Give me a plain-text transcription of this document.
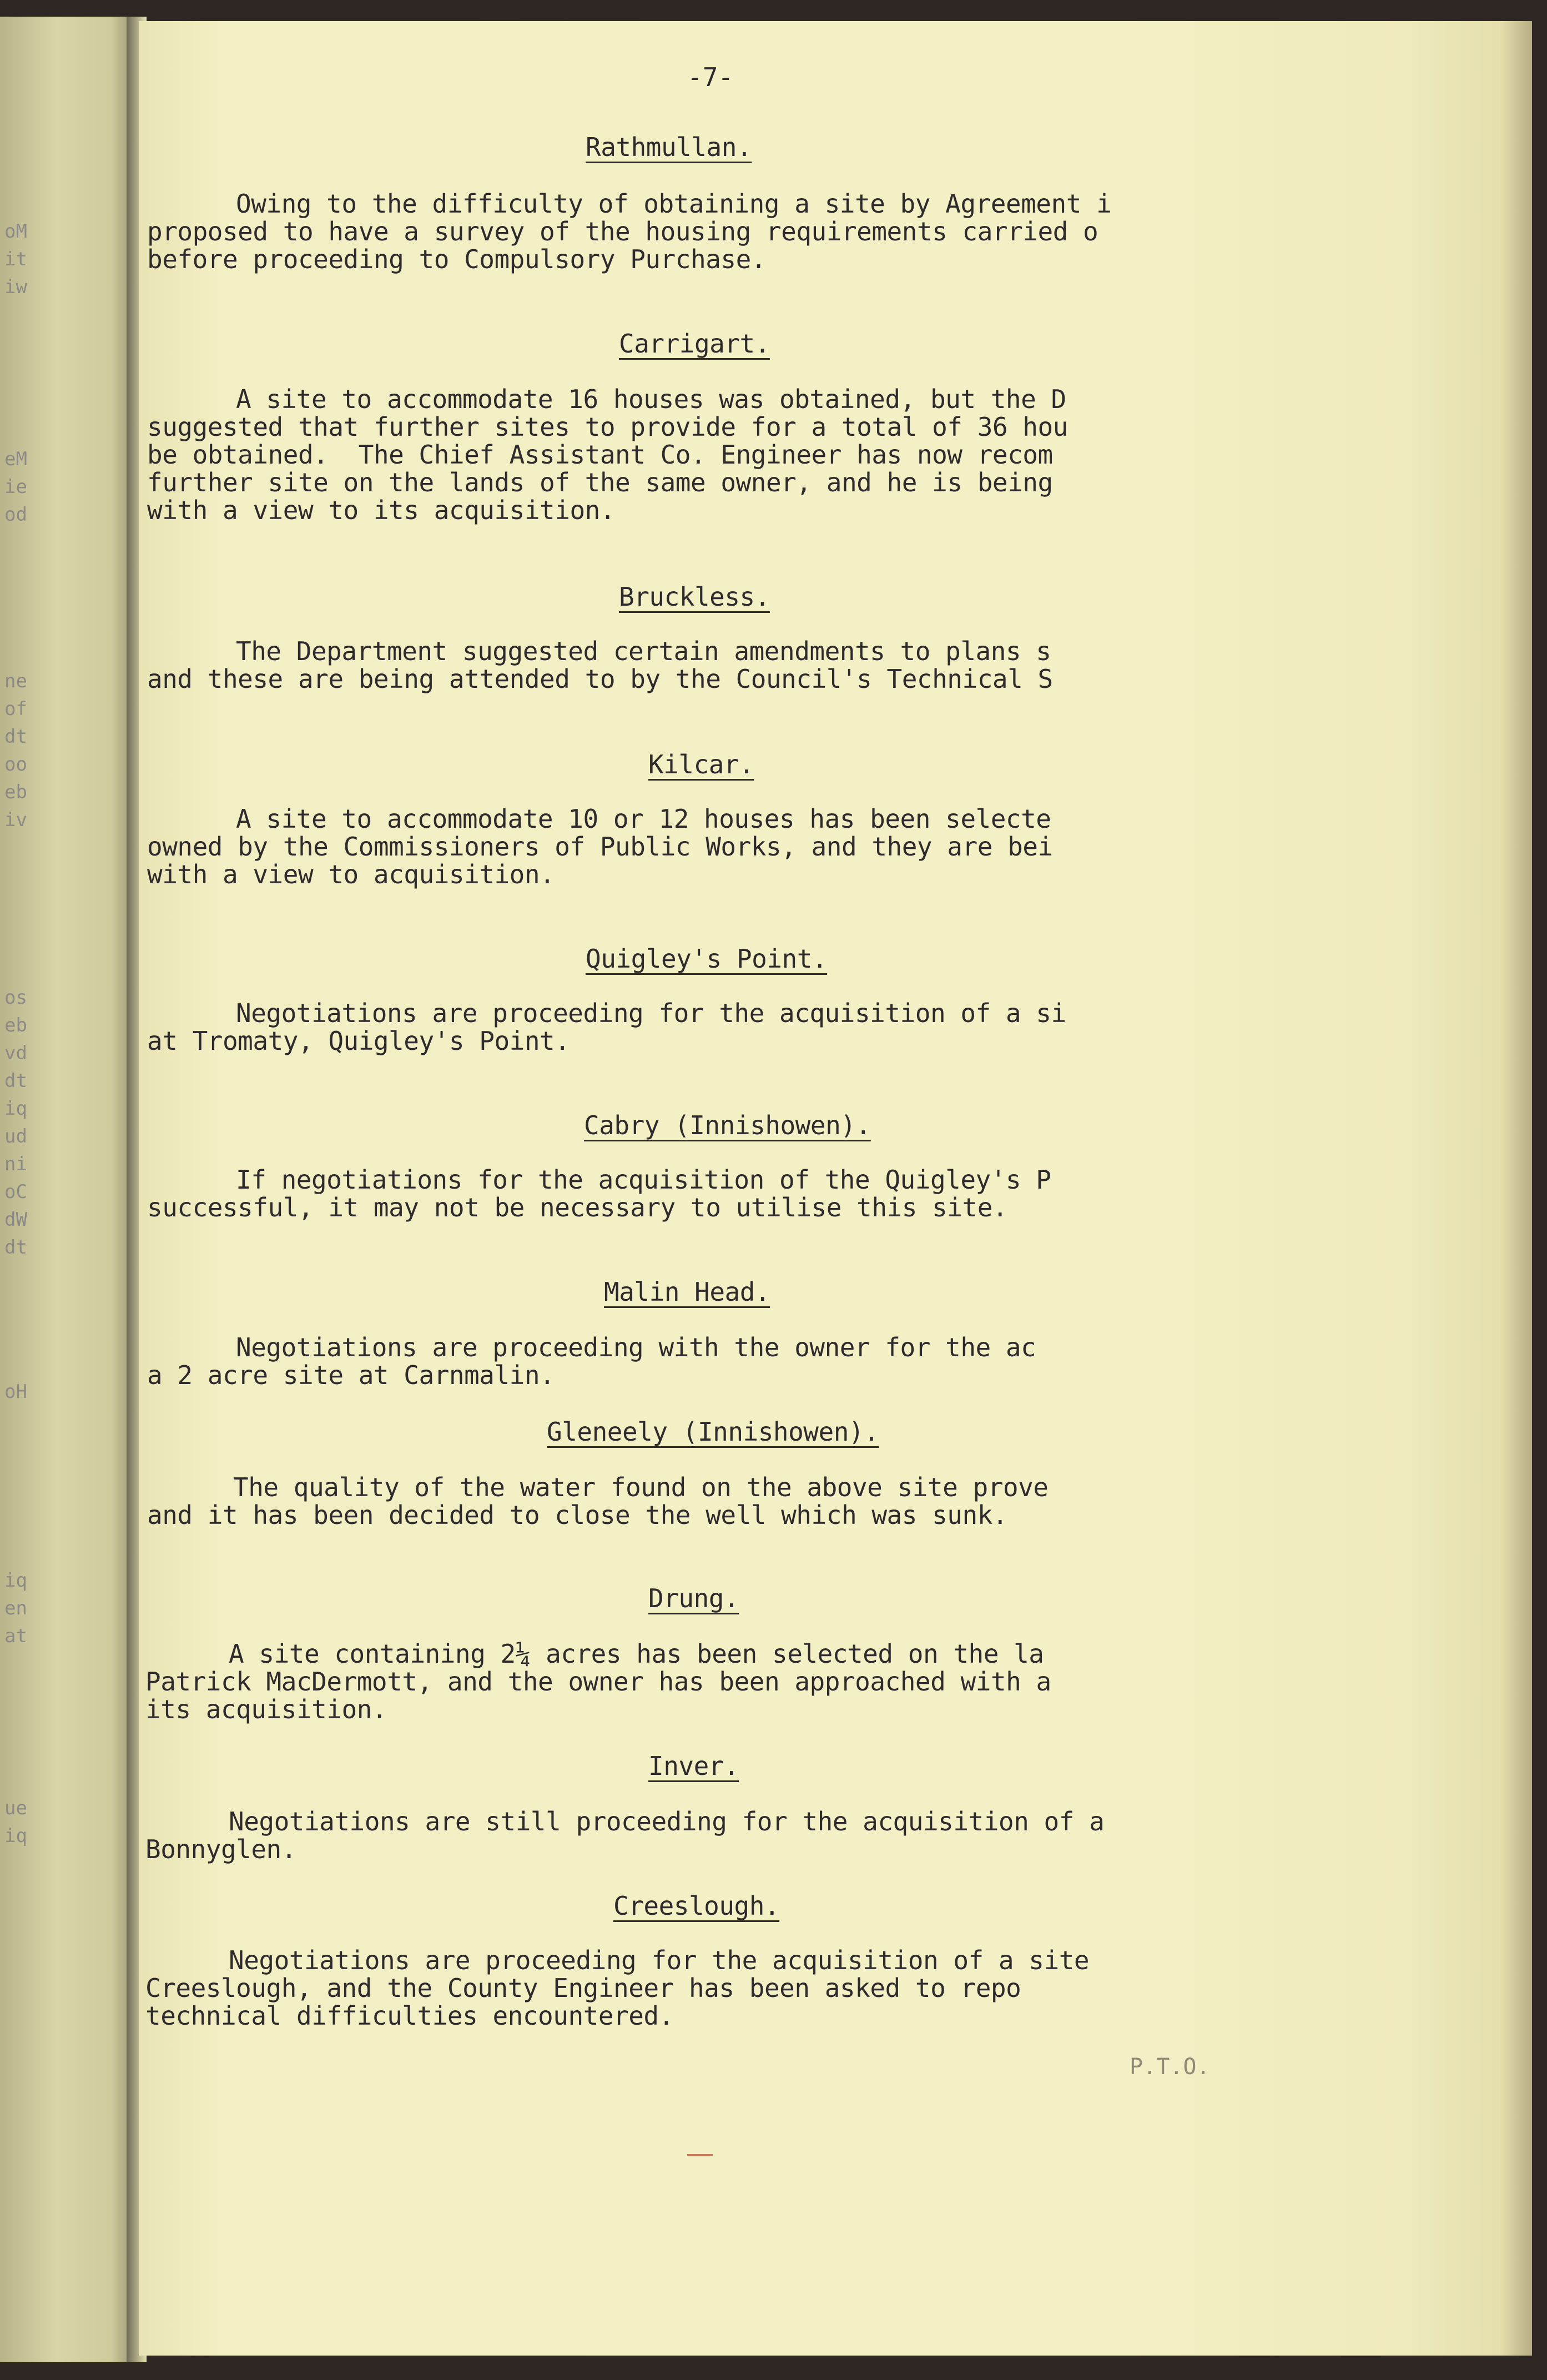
oM
it
iw
eM
ie
od
ne
of
dt
oo
eb
iv
os
eb
vd
dt
iq
ud
ni
oC
dW
dt
oH
iq
en
at
ue
iq
-7-
Rathmullan.
Owing to the difficulty of obtaining a site by Agreement i
proposed to have a survey of the housing requirements carried o
before proceeding to Compulsory Purchase.
Carrigart.
A site to accommodate 16 houses was obtained, but the D
suggested that further sites to provide for a total of 36 hou
be obtained.  The Chief Assistant Co. Engineer has now recom
further site on the lands of the same owner, and he is being
with a view to its acquisition.
Bruckless.
The Department suggested certain amendments to plans s
and these are being attended to by the Council's Technical S
Kilcar.
A site to accommodate 10 or 12 houses has been selecte
owned by the Commissioners of Public Works, and they are bei
with a view to acquisition.
Quigley's Point.
Negotiations are proceeding for the acquisition of a si
at Tromaty, Quigley's Point.
Cabry (Innishowen).
If negotiations for the acquisition of the Quigley's P
successful, it may not be necessary to utilise this site.
Malin Head.
Negotiations are proceeding with the owner for the ac
a 2 acre site at Carnmalin.
Gleneely (Innishowen).
The quality of the water found on the above site prove
and it has been decided to close the well which was sunk.
Drung.
A site containing 2¼ acres has been selected on the la
Patrick MacDermott, and the owner has been approached with a
its acquisition.
Inver.
Negotiations are still proceeding for the acquisition of a
Bonnyglen.
Creeslough.
Negotiations are proceeding for the acquisition of a site
Creeslough, and the County Engineer has been asked to repo
technical difficulties encountered.
P.T.O.
